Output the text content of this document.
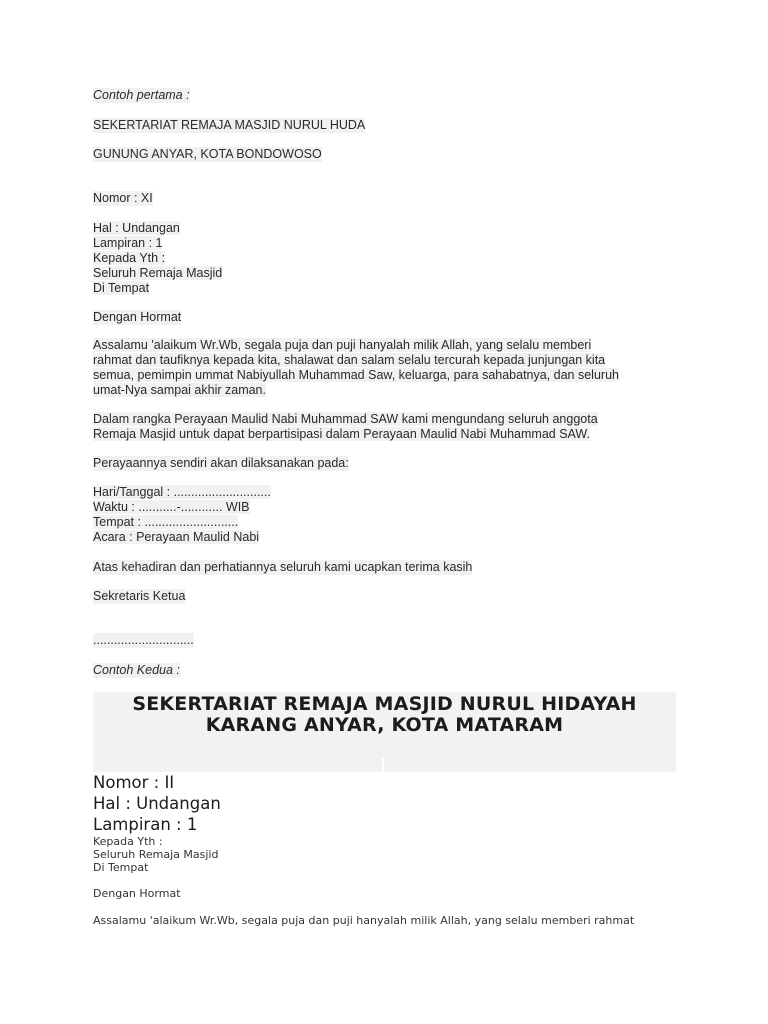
Contoh pertama :
SEKERTARIAT REMAJA MASJID NURUL HUDA
GUNUNG ANYAR, KOTA BONDOWOSO
Nomor : XI
Hal : Undangan
Lampiran : 1
Kepada Yth :
Seluruh Remaja Masjid
Di Tempat
Dengan Hormat
Assalamu 'alaikum Wr.Wb, segala puja dan puji hanyalah milik Allah, yang selalu memberi
rahmat dan taufiknya kepada kita, shalawat dan salam selalu tercurah kepada junjungan kita
semua, pemimpin ummat Nabiyullah Muhammad Saw, keluarga, para sahabatnya, dan seluruh
umat-Nya sampai akhir zaman.
Dalam rangka Perayaan Maulid Nabi Muhammad SAW kami mengundang seluruh anggota
Remaja Masjid untuk dapat berpartisipasi dalam Perayaan Maulid Nabi Muhammad SAW.
Perayaannya sendiri akan dilaksanakan pada:
Hari/Tanggal : ............................
Waktu : ...........-............ WIB
Tempat : ...........................
Acara : Perayaan Maulid Nabi
Atas kehadiran dan perhatiannya seluruh kami ucapkan terima kasih
Sekretaris Ketua
.............................
Contoh Kedua :
SEKERTARIAT REMAJA MASJID NURUL HIDAYAH
KARANG ANYAR, KOTA MATARAM
Nomor : II
Hal : Undangan
Lampiran : 1
Kepada Yth :
Seluruh Remaja Masjid
Di Tempat
Dengan Hormat
Assalamu 'alaikum Wr.Wb, segala puja dan puji hanyalah milik Allah, yang selalu memberi rahmat
